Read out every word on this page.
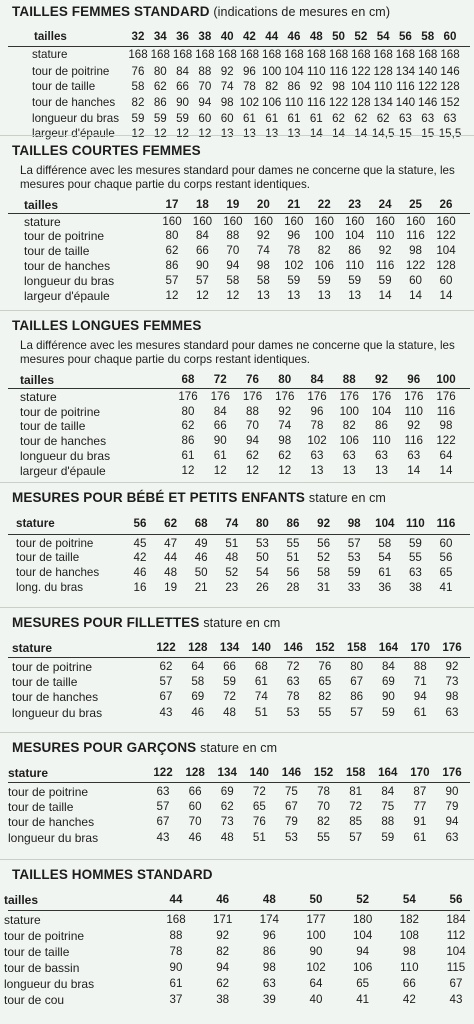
TAILLES FEMMES STANDARD (indications de mesures en cm)
tailles	32 34 36 38 40 42 44 46 48 50 52 54 56 58 60
stature	168 168 168 168 168 168 168 168 168 168 168 168 168 168 168
tour de poitrine	76 80 84 88 92 96 100 104 110 116 122 128 134 140 146
tour de taille	58 62 66 70 74 78 82 86 92 98 104 110 116 122 128
tour de hanches	82 86 90 94 98 102 106 110 116 122 128 134 140 146 152
longueur du bras	59 59 59 60 60 61 61 61 61 62 62 62 63 63 63
largeur d'épaule	12 12 12 12 13 13 13 13 14 14 14 14,5 15 15 15,5
TAILLES COURTES FEMMES
La différence avec les mesures standard pour dames ne concerne que la stature, les mesures pour chaque partie du corps restant identiques.
tailles	17	18	19	20	21	22	23	24	25	26
stature	160 160 160 160 160 160 160 160 160 160
tour de poitrine	80	84	88	92	96	100 104 110	116 122
tour de taille	62	66	70	74	78	82	86	92	98	104
tour de hanches	86	90	94	98	102 106 110	116 122 128
longueur du bras	57	57	58	58	59	59	59	59	60	60
largeur d'épaule	12	12	12	13	13	13	13	14	14	14
TAILLES LONGUES FEMMES
La différence avec les mesures standard pour dames ne concerne que la stature, les mesures pour chaque partie du corps restant identiques.
tailles	68	72	76	80	84	88	92	96	100
stature	176	176	176	176	176	176	176	176	176
tour de poitrine	80	84	88	92	96	100	104	110	116
tour de taille	62	66	70	74	78	82	86	92	98
tour de hanches	86	90	94	98	102	106	110	116	122
longueur du bras	61	61	62	62	63	63	63	63	64
largeur d'épaule	12	12	12	12	13	13	13	14	14
MESURES POUR BÉBÉ ET PETITS ENFANTS stature en cm
stature	56	62	68	74	80	86	92	98	104 110	116
tour de poitrine	45	47	49	51	53	55	56	57	58	59	60
tour de taille	42	44	46	48	50	51	52	53	54	55	56
tour de hanches	46	48	50	52	54	56	58	59	61	63	65
long. du bras	16	19	21	23	26	28	31	33	36	38	41
MESURES POUR FILLETTES stature en cm
stature	122	128	134	140	146	152	158	164	170	176
tour de poitrine	62	64	66	68	72	76	80	84	88	92
tour de taille	57	58	59	61	63	65	67	69	71	73
tour de hanches	67	69	72	74	78	82	86	90	94	98
longueur du bras	43	46	48	51	53	55	57	59	61	63
MESURES POUR GARÇONS stature en cm
stature	122	128	134	140	146	152	158	164	170	176
tour de poitrine	63	66	69	72	75	78	81	84	87	90
tour de taille	57	60	62	65	67	70	72	75	77	79
tour de hanches	67	70	73	76	79	82	85	88	91	94
longueur du bras	43	46	48	51	53	55	57	59	61	63
TAILLES HOMMES STANDARD
tailles	44	46	48	50	52	54	56
stature	168	171	174	177	180	182	184
tour de poitrine	88	92	96	100	104	108	112
tour de taille	78	82	86	90	94	98	104
tour de bassin	90	94	98	102	106	110	115
longueur du bras	61	62	63	64	65	66	67
tour de cou	37	38	39	40	41	42	43
